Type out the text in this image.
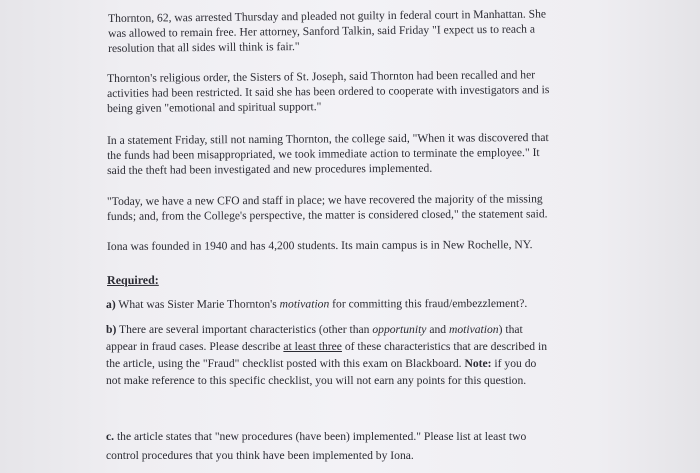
Thornton, 62, was arrested Thursday and pleaded not guilty in federal court in Manhattan. She
was allowed to remain free. Her attorney, Sanford Talkin, said Friday "I expect us to reach a
resolution that all sides will think is fair."
Thornton's religious order, the Sisters of St. Joseph, said Thornton had been recalled and her
activities had been restricted. It said she has been ordered to cooperate with investigators and is
being given "emotional and spiritual support."
In a statement Friday, still not naming Thornton, the college said, "When it was discovered that
the funds had been misappropriated, we took immediate action to terminate the employee." It
said the theft had been investigated and new procedures implemented.
"Today, we have a new CFO and staff in place; we have recovered the majority of the missing
funds; and, from the College's perspective, the matter is considered closed," the statement said.
Iona was founded in 1940 and has 4,200 students. Its main campus is in New Rochelle, NY.
Required:
a) What was Sister Marie Thornton's motivation for committing this fraud/embezzlement?.
b) There are several important characteristics (other than opportunity and motivation) that
appear in fraud cases. Please describe at least three of these characteristics that are described in
the article, using the "Fraud" checklist posted with this exam on Blackboard. Note: if you do
not make reference to this specific checklist, you will not earn any points for this question.
c. the article states that "new procedures (have been) implemented." Please list at least two
control procedures that you think have been implemented by Iona.
